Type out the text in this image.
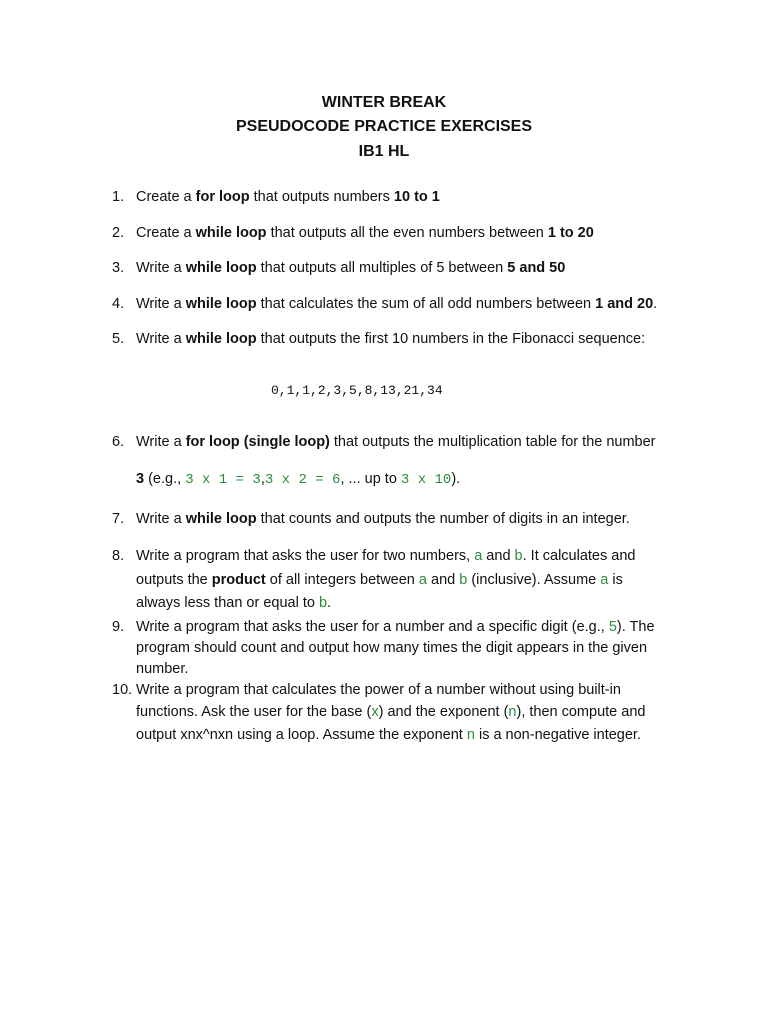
WINTER BREAK
PSEUDOCODE PRACTICE EXERCISES
IB1 HL
1. Create a for loop that outputs numbers 10 to 1
2. Create a while loop that outputs all the even numbers between 1 to 20
3. Write a while loop that outputs all multiples of 5 between 5 and 50
4. Write a while loop that calculates the sum of all odd numbers between 1 and 20.
5. Write a while loop that outputs the first 10 numbers in the Fibonacci sequence:
0,1,1,2,3,5,8,13,21,34
6. Write a for loop (single loop) that outputs the multiplication table for the number
3 (e.g., 3 x 1 = 3,3 x 2 = 6, ... up to 3 x 10).
7. Write a while loop that counts and outputs the number of digits in an integer.
8. Write a program that asks the user for two numbers, a and b. It calculates and
outputs the product of all integers between a and b (inclusive). Assume a is
always less than or equal to b.
9. Write a program that asks the user for a number and a specific digit (e.g., 5). The
program should count and output how many times the digit appears in the given
number.
10. Write a program that calculates the power of a number without using built-in
functions. Ask the user for the base (x) and the exponent (n), then compute and
output xnx^nxn using a loop. Assume the exponent n is a non-negative integer.
